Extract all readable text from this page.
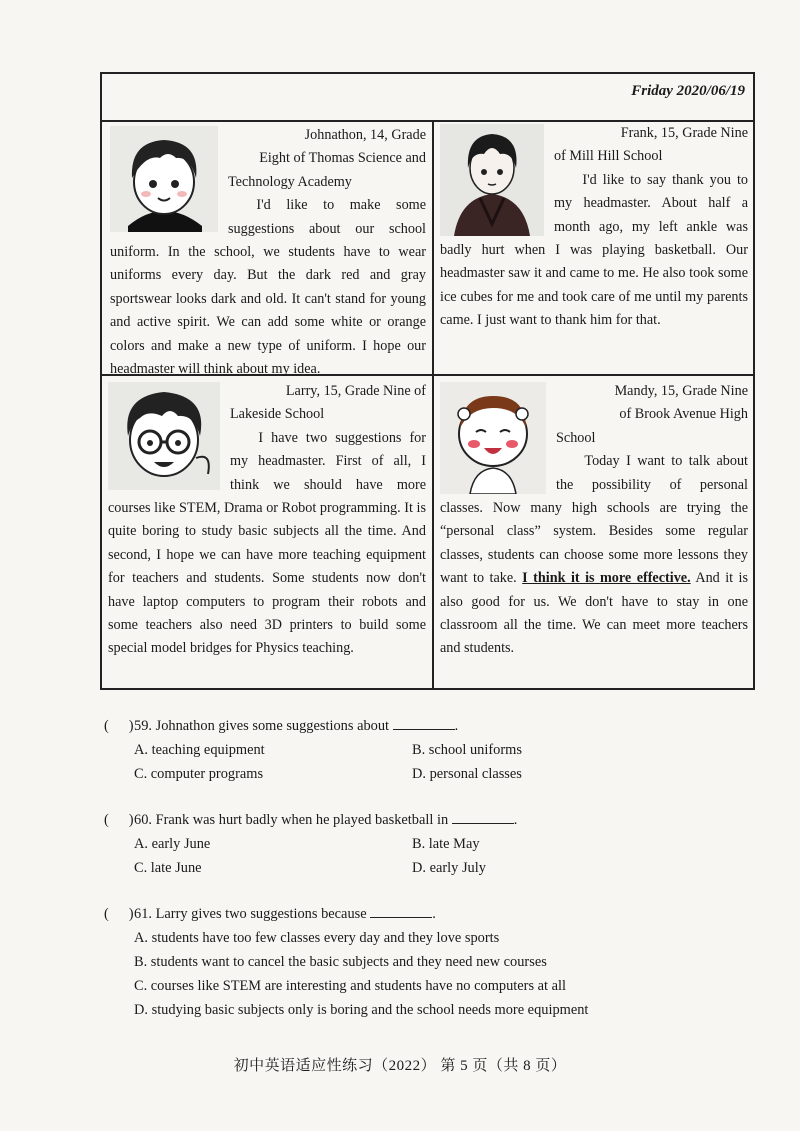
Friday 2020/06/19

Johnathon, 14, Grade

Eight of Thomas Science and

Technology Academy

I'd like to make some suggestions about our school uniform. In the school, we students have to wear uniforms every day. But the dark red and gray sportswear looks dark and old. It can't stand for young and active spirit. We can add some white or orange colors and make a new type of uniform. I hope our headmaster will think about my idea.

Frank, 15, Grade Nine

of Mill Hill School

I'd like to say thank you to my headmaster. About half a month ago, my left ankle was badly hurt when I was playing basketball. Our headmaster saw it and came to me. He also took some ice cubes for me and took care of me until my parents came. I just want to thank him for that.

Larry, 15, Grade Nine of

Lakeside School

I have two suggestions for my headmaster. First of all, I think we should have more courses like STEM, Drama or Robot programming. It is quite boring to study basic subjects all the time. And second, I hope we can have more teaching equipment for teachers and students. Some students now don't have laptop computers to program their robots and some teachers also need 3D printers to build some special model bridges for Physics teaching.

Mandy, 15, Grade Nine

of Brook Avenue High

School

Today I want to talk about the possibility of personal classes. Now many high schools are trying the “personal class” system. Besides some regular classes, students can choose some more lessons they want to take. I think it is more effective. And it is also good for us. We don't have to stay in one classroom all the time. We can meet more teachers and students.

( ) 59. Johnathon gives some suggestions about	.
A. teaching equipment	B. school uniforms
C. computer programs	D. personal classes
( ) 60. Frank was hurt badly when he played basketball in	.
A. early June	B. late May
C. late June	D. early July
( ) 61. Larry gives two suggestions because	.
A. students have too few classes every day and they love sports
B. students want to cancel the basic subjects and they need new courses
C. courses like STEM are interesting and students have no computers at all
D. studying basic subjects only is boring and the school needs more equipment
初中英语适应性练习（2022） 第 5 页（共 8 页）
